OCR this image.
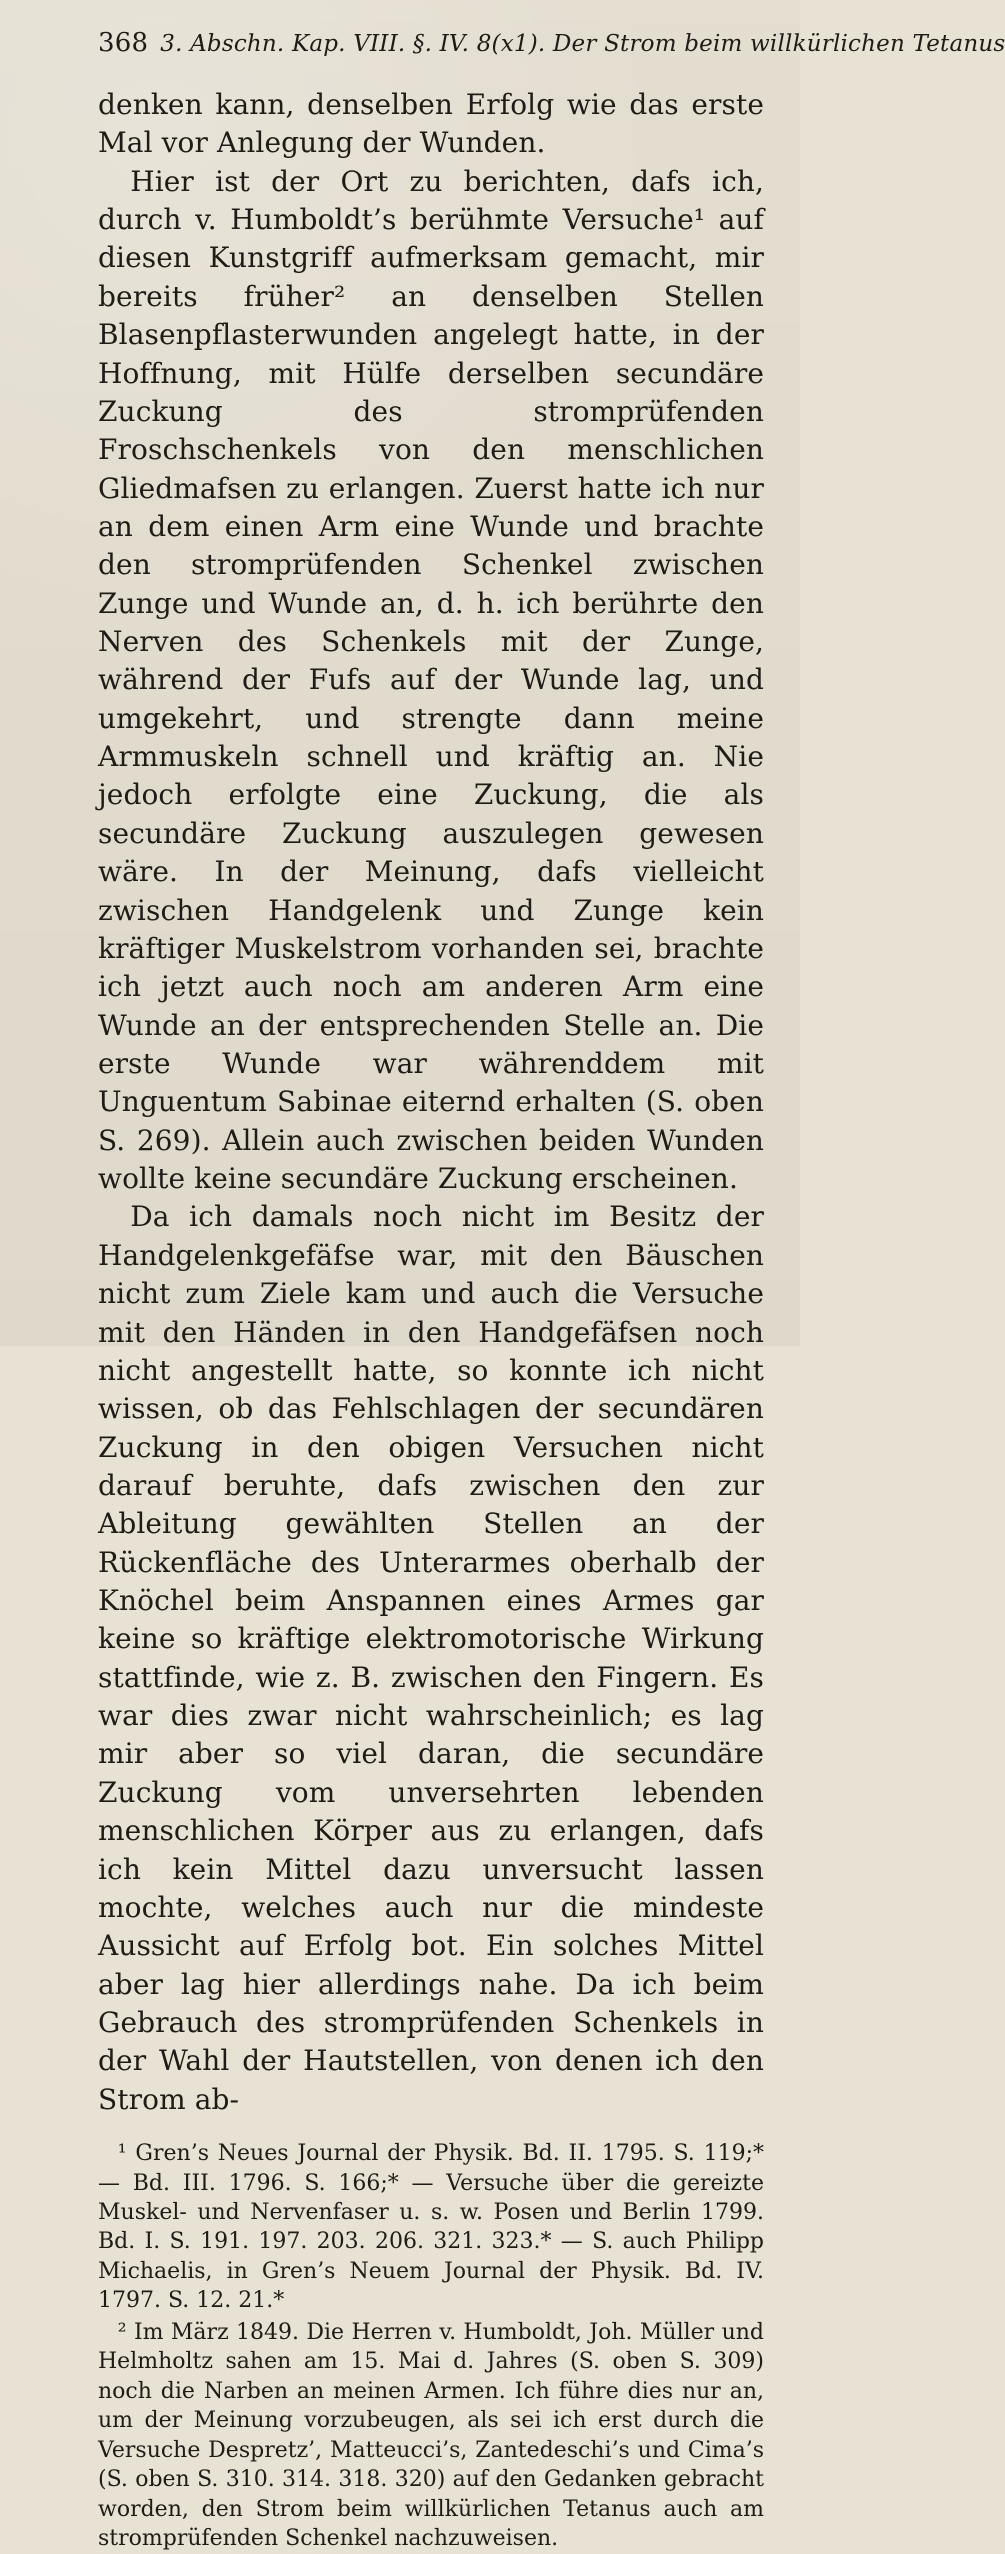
368 3. Abschn. Kap. VIII. §. IV. 8(x1). Der Strom beim willkürlichen Tetanus

denken kann, denselben Erfolg wie das erste Mal vor Anlegung der Wunden.

Hier ist der Ort zu berichten, dafs ich, durch v. Humboldt’s berühmte Versuche¹ auf diesen Kunstgriff aufmerksam gemacht, mir bereits früher² an denselben Stellen Blasenpflasterwunden angelegt hatte, in der Hoffnung, mit Hülfe derselben secundäre Zuckung des stromprüfenden Froschschenkels von den menschlichen Gliedmafsen zu erlangen. Zuerst hatte ich nur an dem einen Arm eine Wunde und brachte den stromprüfenden Schenkel zwischen Zunge und Wunde an, d. h. ich berührte den Nerven des Schenkels mit der Zunge, während der Fufs auf der Wunde lag, und umgekehrt, und strengte dann meine Armmuskeln schnell und kräftig an. Nie jedoch erfolgte eine Zuckung, die als secundäre Zuckung auszulegen gewesen wäre. In der Meinung, dafs vielleicht zwischen Handgelenk und Zunge kein kräftiger Muskelstrom vorhanden sei, brachte ich jetzt auch noch am anderen Arm eine Wunde an der entsprechenden Stelle an. Die erste Wunde war währenddem mit Unguentum Sabinae eiternd erhalten (S. oben S. 269). Allein auch zwischen beiden Wunden wollte keine secundäre Zuckung erscheinen.

Da ich damals noch nicht im Besitz der Handgelenkgefäfse war, mit den Bäuschen nicht zum Ziele kam und auch die Versuche mit den Händen in den Handgefäfsen noch nicht angestellt hatte, so konnte ich nicht wissen, ob das Fehlschlagen der secundären Zuckung in den obigen Versuchen nicht darauf beruhte, dafs zwischen den zur Ableitung gewählten Stellen an der Rückenfläche des Unterarmes oberhalb der Knöchel beim Anspannen eines Armes gar keine so kräftige elektromotorische Wirkung stattfinde, wie z. B. zwischen den Fingern. Es war dies zwar nicht wahrscheinlich; es lag mir aber so viel daran, die secundäre Zuckung vom unversehrten lebenden menschlichen Körper aus zu erlangen, dafs ich kein Mittel dazu unversucht lassen mochte, welches auch nur die mindeste Aussicht auf Erfolg bot. Ein solches Mittel aber lag hier allerdings nahe. Da ich beim Gebrauch des stromprüfenden Schenkels in der Wahl der Hautstellen, von denen ich den Strom ab-

¹ Gren’s Neues Journal der Physik. Bd. II. 1795. S. 119;* — Bd. III. 1796. S. 166;* — Versuche über die gereizte Muskel- und Nervenfaser u. s. w. Posen und Berlin 1799. Bd. I. S. 191. 197. 203. 206. 321. 323.* — S. auch Philipp Michaelis, in Gren’s Neuem Journal der Physik. Bd. IV. 1797. S. 12. 21.*

² Im März 1849. Die Herren v. Humboldt, Joh. Müller und Helmholtz sahen am 15. Mai d. Jahres (S. oben S. 309) noch die Narben an meinen Armen. Ich führe dies nur an, um der Meinung vorzubeugen, als sei ich erst durch die Versuche Despretz’, Matteucci’s, Zantedeschi’s und Cima’s (S. oben S. 310. 314. 318. 320) auf den Gedanken gebracht worden, den Strom beim willkürlichen Tetanus auch am stromprüfenden Schenkel nachzuweisen.
